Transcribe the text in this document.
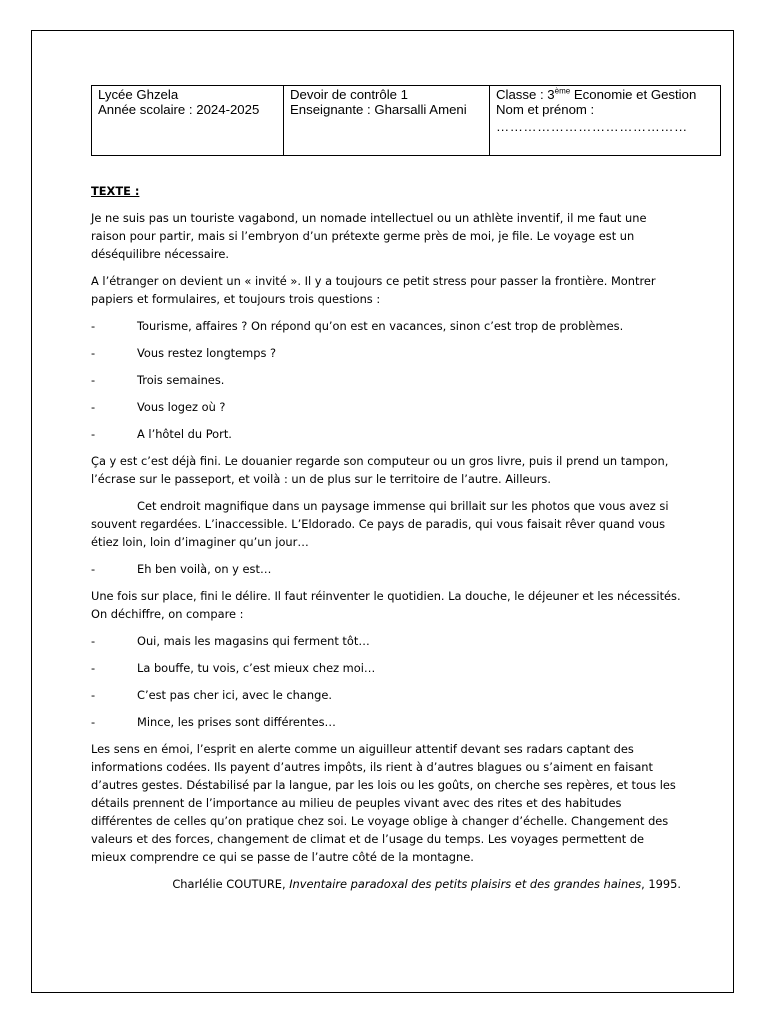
Lycée Ghzela
Année scolaire : 2024-2025

Devoir de contrôle 1
Enseignante : Gharsalli Ameni

Classe : 3ème Economie et Gestion
Nom et prénom :
……………………………………

TEXTE :

Je ne suis pas un touriste vagabond, un nomade intellectuel ou un athlète inventif, il me faut une raison pour partir, mais si l’embryon d’un prétexte germe près de moi, je file. Le voyage est un déséquilibre nécessaire.

A l’étranger on devient un « invité ». Il y a toujours ce petit stress pour passer la frontière. Montrer papiers et formulaires, et toujours trois questions :

-	Tourisme, affaires ? On répond qu’on est en vacances, sinon c’est trop de problèmes.

-	Vous restez longtemps ?

-	Trois semaines.

-	Vous logez où ?

-	A l’hôtel du Port.

Ça y est c’est déjà fini. Le douanier regarde son computeur ou un gros livre, puis il prend un tampon, l’écrase sur le passeport, et voilà : un de plus sur le territoire de l’autre. Ailleurs.

Cet endroit magnifique dans un paysage immense qui brillait sur les photos que vous avez si souvent regardées. L’inaccessible. L’Eldorado. Ce pays de paradis, qui vous faisait rêver quand vous étiez loin, loin d’imaginer qu’un jour…

-	Eh ben voilà, on y est…

Une fois sur place, fini le délire. Il faut réinventer le quotidien. La douche, le déjeuner et les nécessités. On déchiffre, on compare :

-	Oui, mais les magasins qui ferment tôt…

-	La bouffe, tu vois, c’est mieux chez moi…

-	C’est pas cher ici, avec le change.

-	Mince, les prises sont différentes…

Les sens en émoi, l’esprit en alerte comme un aiguilleur attentif devant ses radars captant des informations codées. Ils payent d’autres impôts, ils rient à d’autres blagues ou s’aiment en faisant d’autres gestes. Déstabilisé par la langue, par les lois ou les goûts, on cherche ses repères, et tous les détails prennent de l’importance au milieu de peuples vivant avec des rites et des habitudes différentes de celles qu’on pratique chez soi. Le voyage oblige à changer d’échelle. Changement des valeurs et des forces, changement de climat et de l’usage du temps. Les voyages permettent de mieux comprendre ce qui se passe de l’autre côté de la montagne.

Charlélie COUTURE, Inventaire paradoxal des petits plaisirs et des grandes haines, 1995.
